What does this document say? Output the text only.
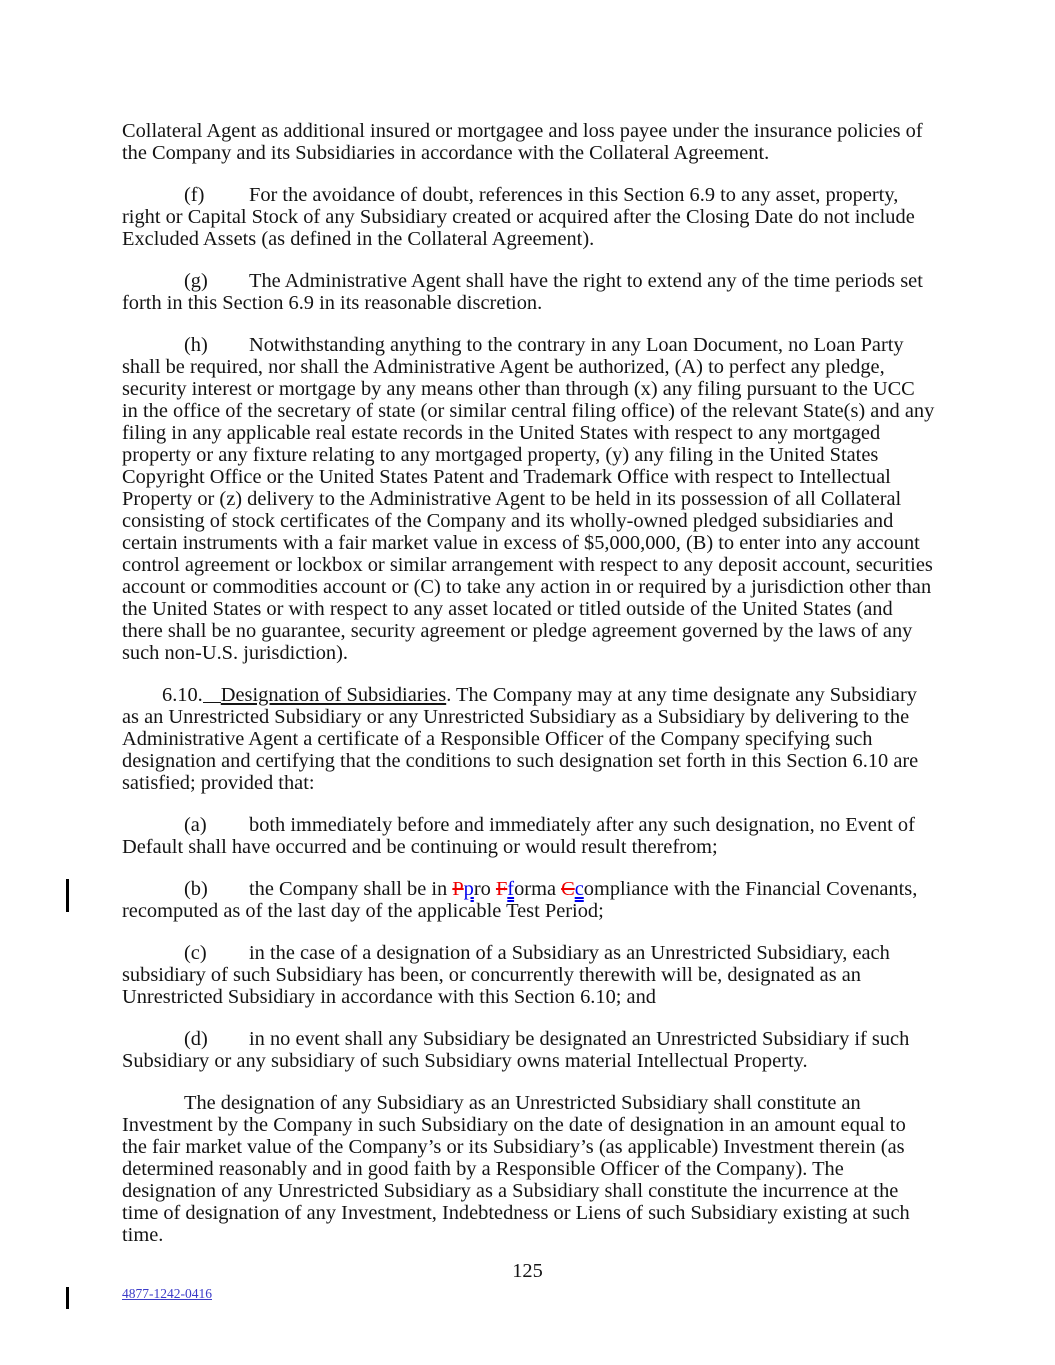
Collateral Agent as additional insured or mortgagee and loss payee under the insurance policies of the Company and its Subsidiaries in accordance with the Collateral Agreement.

(f) For the avoidance of doubt, references in this Section 6.9 to any asset, property, right or Capital Stock of any Subsidiary created or acquired after the Closing Date do not include Excluded Assets (as defined in the Collateral Agreement).

(g) The Administrative Agent shall have the right to extend any of the time periods set forth in this Section 6.9 in its reasonable discretion.

(h) Notwithstanding anything to the contrary in any Loan Document, no Loan Party shall be required, nor shall the Administrative Agent be authorized, (A) to perfect any pledge, security interest or mortgage by any means other than through (x) any filing pursuant to the UCC in the office of the secretary of state (or similar central filing office) of the relevant State(s) and any filing in any applicable real estate records in the United States with respect to any mortgaged property or any fixture relating to any mortgaged property, (y) any filing in the United States Copyright Office or the United States Patent and Trademark Office with respect to Intellectual Property or (z) delivery to the Administrative Agent to be held in its possession of all Collateral consisting of stock certificates of the Company and its wholly-owned pledged subsidiaries and certain instruments with a fair market value in excess of $5,000,000, (B) to enter into any account control agreement or lockbox or similar arrangement with respect to any deposit account, securities account or commodities account or (C) to take any action in or required by a jurisdiction other than the United States or with respect to any asset located or titled outside of the United States (and there shall be no guarantee, security agreement or pledge agreement governed by the laws of any such non-U.S. jurisdiction).

6.10. Designation of Subsidiaries. The Company may at any time designate any Subsidiary as an Unrestricted Subsidiary or any Unrestricted Subsidiary as a Subsidiary by delivering to the Administrative Agent a certificate of a Responsible Officer of the Company specifying such designation and certifying that the conditions to such designation set forth in this Section 6.10 are satisfied; provided that:

(a) both immediately before and immediately after any such designation, no Event of Default shall have occurred and be continuing or would result therefrom;

(b) the Company shall be in Ppro Fforma Ccompliance with the Financial Covenants, recomputed as of the last day of the applicable Test Period;

(c) in the case of a designation of a Subsidiary as an Unrestricted Subsidiary, each subsidiary of such Subsidiary has been, or concurrently therewith will be, designated as an Unrestricted Subsidiary in accordance with this Section 6.10; and

(d) in no event shall any Subsidiary be designated an Unrestricted Subsidiary if such Subsidiary or any subsidiary of such Subsidiary owns material Intellectual Property.

The designation of any Subsidiary as an Unrestricted Subsidiary shall constitute an Investment by the Company in such Subsidiary on the date of designation in an amount equal to the fair market value of the Company’s or its Subsidiary’s (as applicable) Investment therein (as determined reasonably and in good faith by a Responsible Officer of the Company). The designation of any Unrestricted Subsidiary as a Subsidiary shall constitute the incurrence at the time of designation of any Investment, Indebtedness or Liens of such Subsidiary existing at such time.

125
4877-1242-0416
